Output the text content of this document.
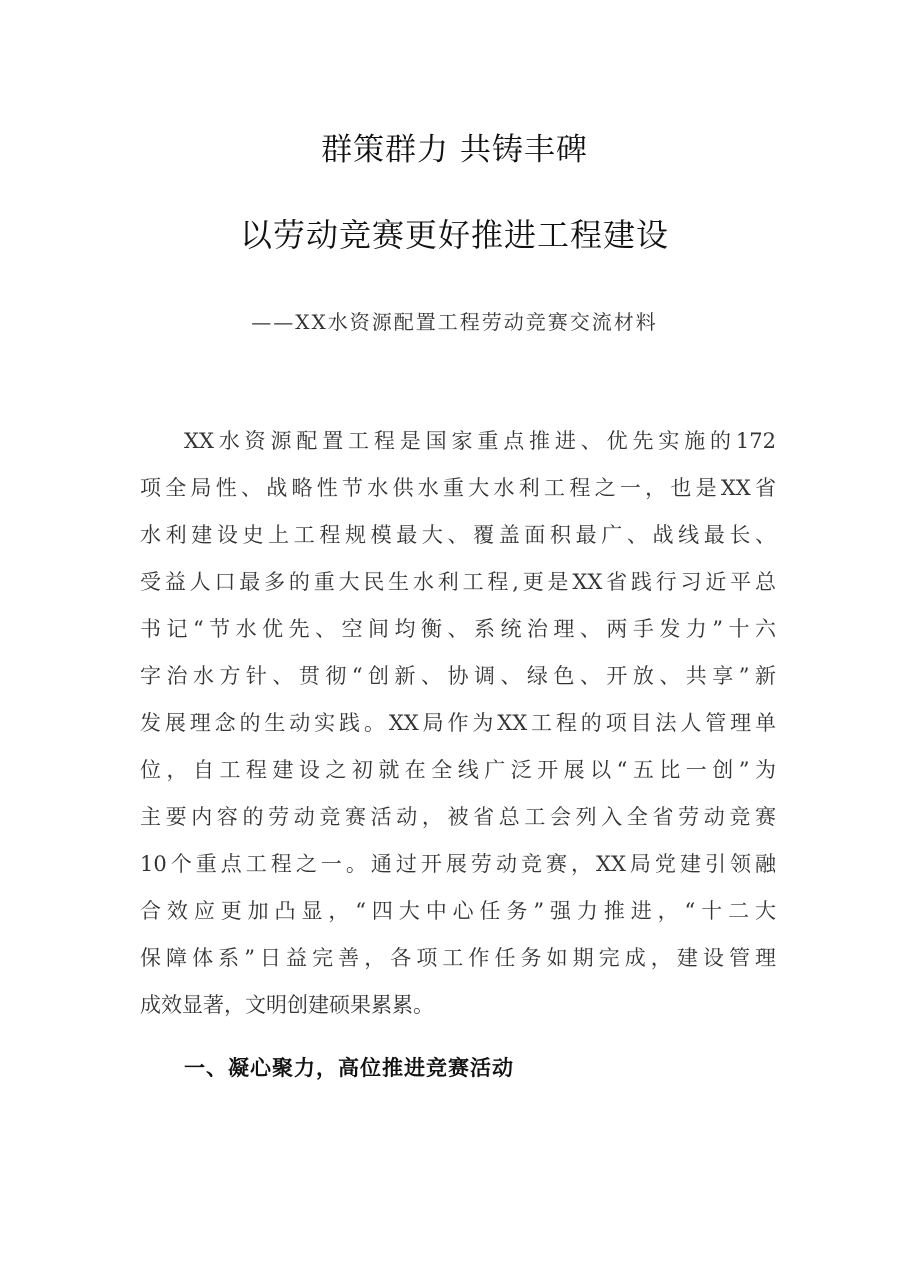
群策群力 共铸丰碑
以劳动竞赛更好推进工程建设
——XX水资源配置工程劳动竞赛交流材料
XX水资源配置工程是国家重点推进、优先实施的172
项全局性、战略性节水供水重大水利工程之一，也是XX省
水利建设史上工程规模最大、覆盖面积最广、战线最长、
受益人口最多的重大民生水利工程,更是XX省践行习近平总
书记“节水优先、空间均衡、系统治理、两手发力”十六
字治水方针、贯彻“创新、协调、绿色、开放、共享”新
发展理念的生动实践。XX局作为XX工程的项目法人管理单
位，自工程建设之初就在全线广泛开展以“五比一创”为
主要内容的劳动竞赛活动，被省总工会列入全省劳动竞赛
10个重点工程之一。通过开展劳动竞赛，XX局党建引领融
合效应更加凸显，“四大中心任务”强力推进，“十二大
保障体系”日益完善，各项工作任务如期完成，建设管理
成效显著，文明创建硕果累累。
一、凝心聚力，高位推进竞赛活动
